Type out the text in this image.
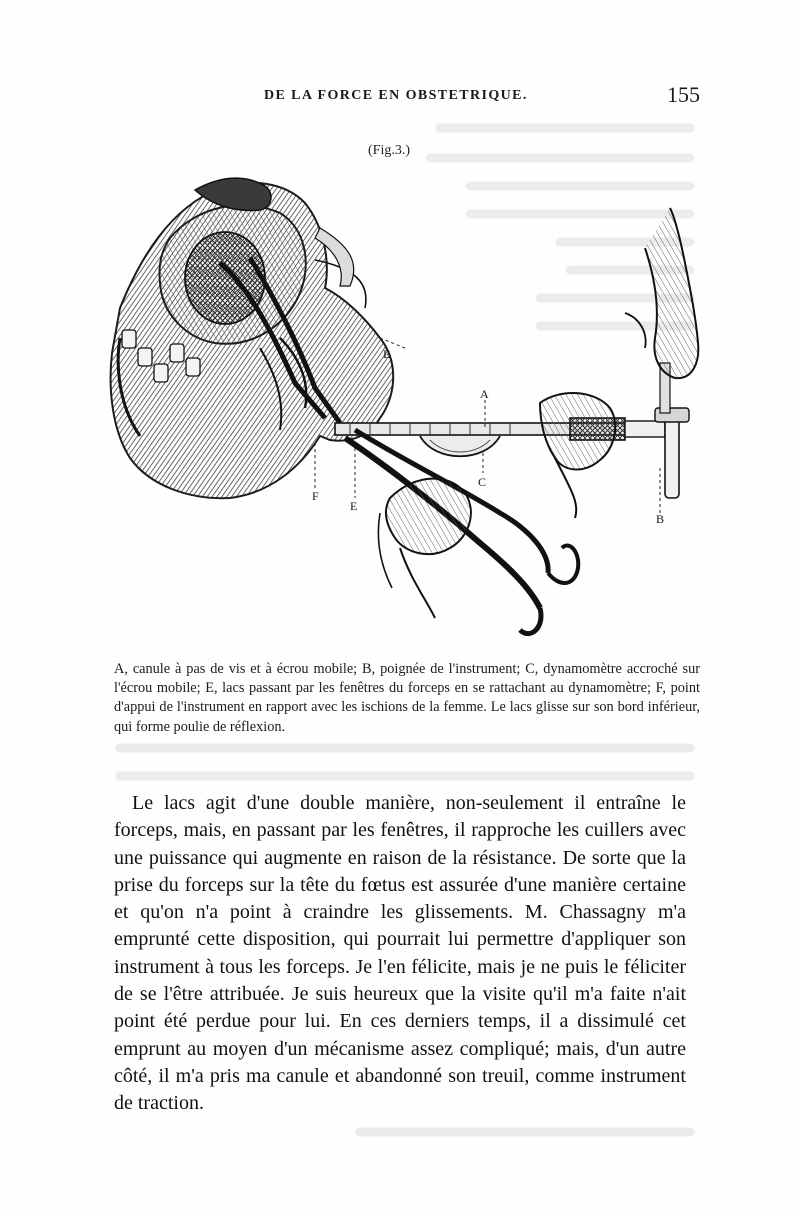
DE LA FORCE EN OBSTETRIQUE.	155
(Fig.3.)
A
C
E
E
F
B
A, canule à pas de vis et à écrou mobile; B, poignée de l'instrument; C, dynamomètre accroché sur l'écrou mobile; E, lacs passant par les fenêtres du forceps en se rattachant au dynamomètre; F, point d'appui de l'instrument en rapport avec les ischions de la femme. Le lacs glisse sur son bord inférieur, qui forme poulie de réflexion.
Le lacs agit d'une double manière, non-seulement il entraîne le forceps, mais, en passant par les fenêtres, il rapproche les cuillers avec une puissance qui augmente en raison de la résistance. De sorte que la prise du forceps sur la tête du fœtus est assurée d'une manière certaine et qu'on n'a point à craindre les glissements. M. Chassagny m'a emprunté cette disposition, qui pourrait lui permettre d'appliquer son instrument à tous les forceps. Je l'en félicite, mais je ne puis le féliciter de se l'être attribuée. Je suis heureux que la visite qu'il m'a faite n'ait point été perdue pour lui. En ces derniers temps, il a dissimulé cet emprunt au moyen d'un mécanisme assez compliqué; mais, d'un autre côté, il m'a pris ma canule et abandonné son treuil, comme instrument de traction.
